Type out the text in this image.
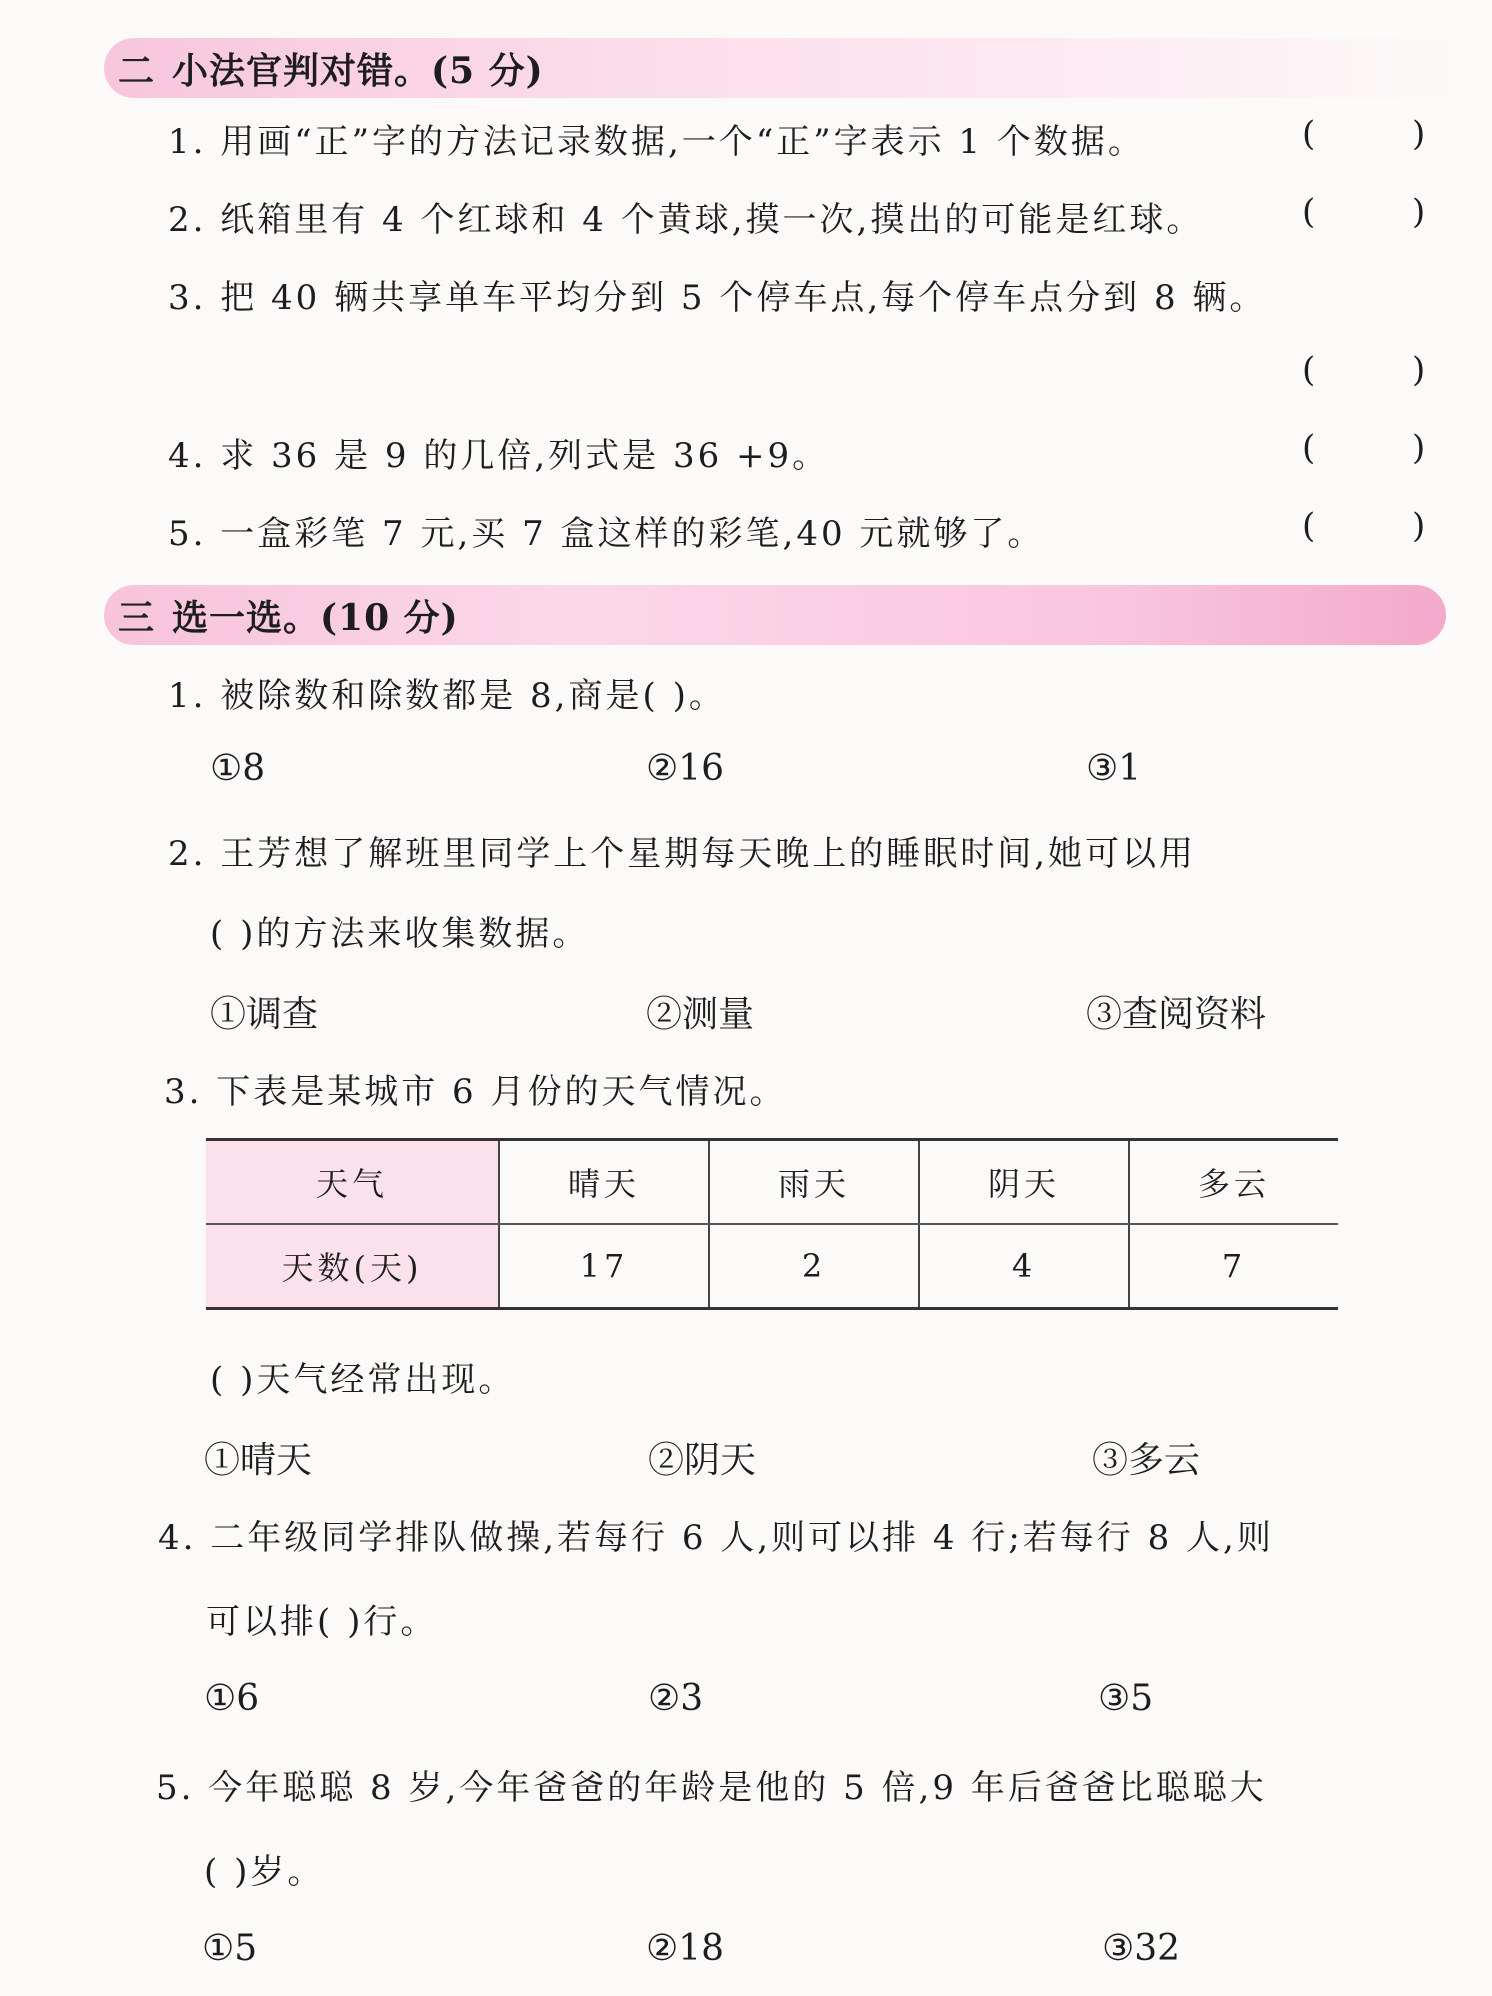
二 小法官判对错。(5 分)
1. 用画“正”字的方法记录数据,一个“正”字表示 1 个数据。	(	)
2. 纸箱里有 4 个红球和 4 个黄球,摸一次,摸出的可能是红球。	(	)
3. 把 40 辆共享单车平均分到 5 个停车点,每个停车点分到 8 辆。
(	)
4. 求 36 是 9 的几倍,列式是 36 +9。	(	)
5. 一盒彩笔 7 元,买 7 盒这样的彩笔,40 元就够了。	(	)
三 选一选。(10 分)
1. 被除数和除数都是 8,商是( )。
①8	②16	③1
2. 王芳想了解班里同学上个星期每天晚上的睡眠时间,她可以用
( )的方法来收集数据。
①调查	②测量	③查阅资料
3. 下表是某城市 6 月份的天气情况。
天气	晴天	雨天	阴天	多云
天数(天)	17	2	4	7
( )天气经常出现。
①晴天	②阴天	③多云
4. 二年级同学排队做操,若每行 6 人,则可以排 4 行;若每行 8 人,则
可以排( )行。
①6	②3	③5
5. 今年聪聪 8 岁,今年爸爸的年龄是他的 5 倍,9 年后爸爸比聪聪大
( )岁。
①5	②18	③32
